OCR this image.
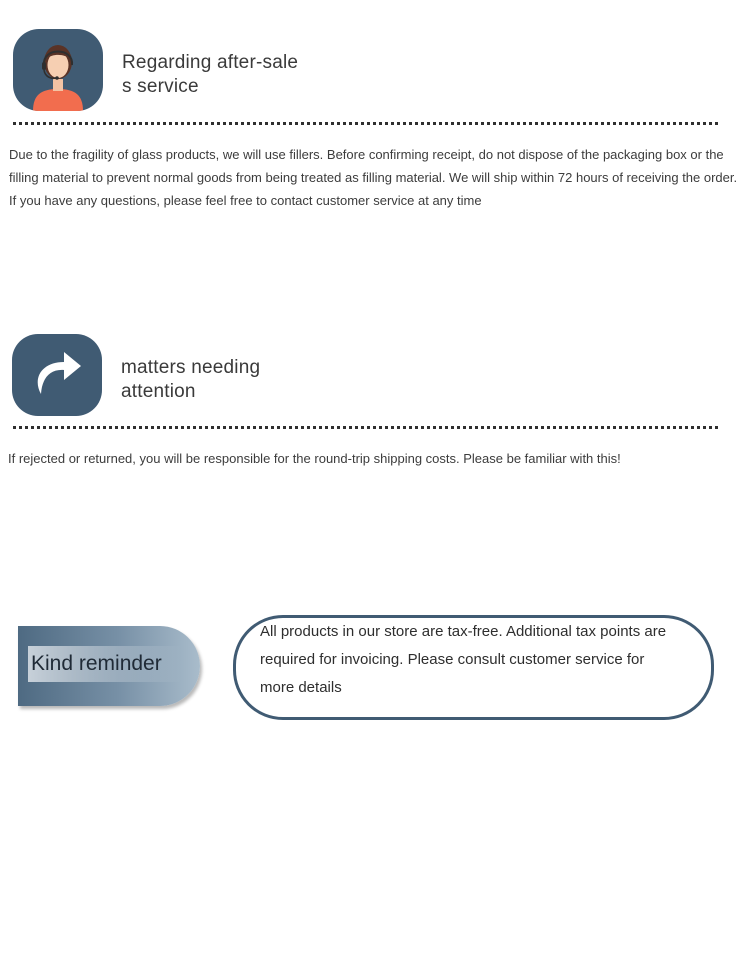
Regarding after-sale
s service
Due to the fragility of glass products, we will use fillers. Before confirming receipt, do not dispose of the packaging box or the filling material to prevent normal goods from being treated as filling material. We will ship within 72 hours of receiving the order. If you have any questions, please feel free to contact customer service at any time
matters needing
attention
If rejected or returned, you will be responsible for the round-trip shipping costs. Please be familiar with this!
Kind reminder
All products in our store are tax-free. Additional tax points are required for invoicing. Please consult customer service for more details
